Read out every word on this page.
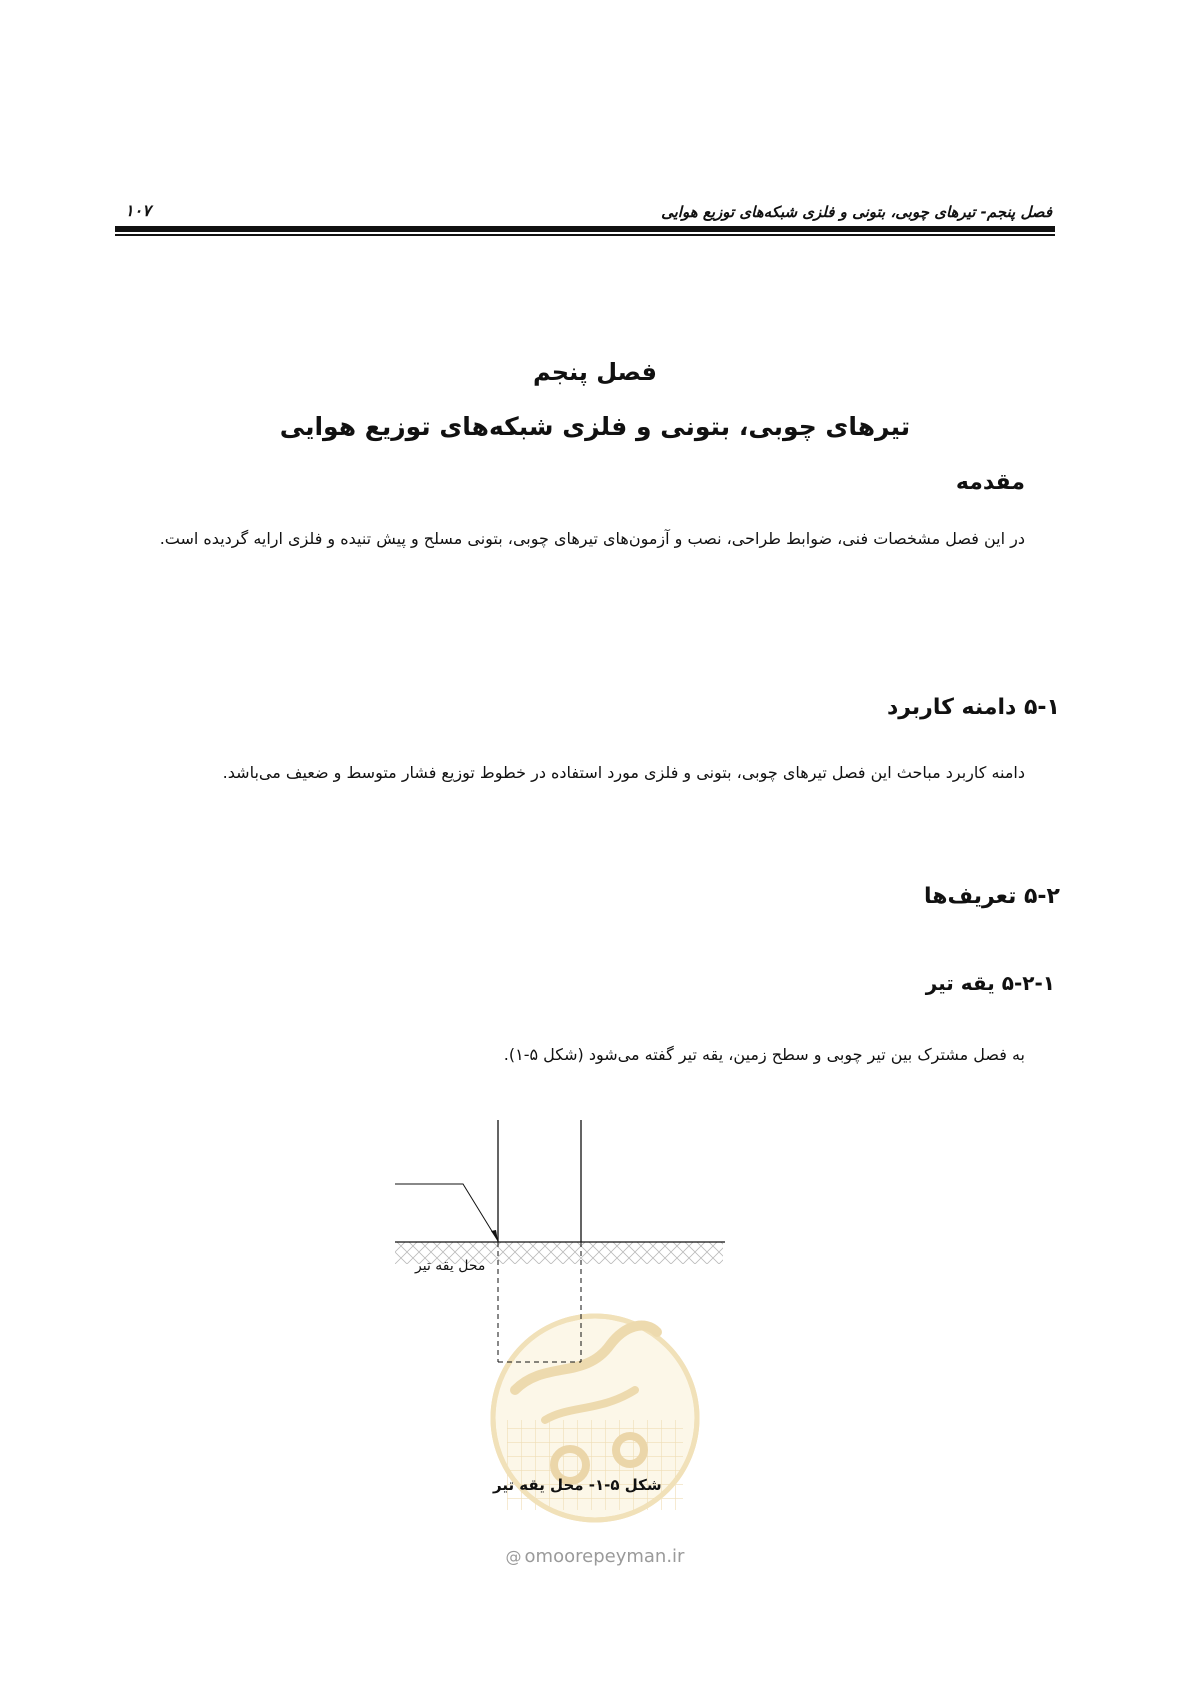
فصل پنجم- تیرهای چوبی، بتونی و فلزی شبکه‌های توزیع هوایی
۱۰۷
فصل پنجم
تیرهای چوبی، بتونی و فلزی شبکه‌های توزیع هوایی
مقدمه
در این فصل مشخصات فنی، ضوابط طراحی، نصب و آزمون‌های تیرهای چوبی، بتونی مسلح و پیش تنیده و فلزی ارایه گردیده است.
۵-۱ دامنه کاربرد
دامنه کاربرد مباحث این فصل تیرهای چوبی، بتونی و فلزی مورد استفاده در خطوط توزیع فشار متوسط و ضعیف می‌باشد.
۵-۲ تعریف‌ها
۵-۲-۱ یقه تیر
به فصل مشترک بین تیر چوبی و سطح زمین، یقه تیر گفته می‌شود (شکل ۵-۱).
محل یقه تیر
شکل ۵-۱- محل یقه تیر
@ omoorepeyman.ir
